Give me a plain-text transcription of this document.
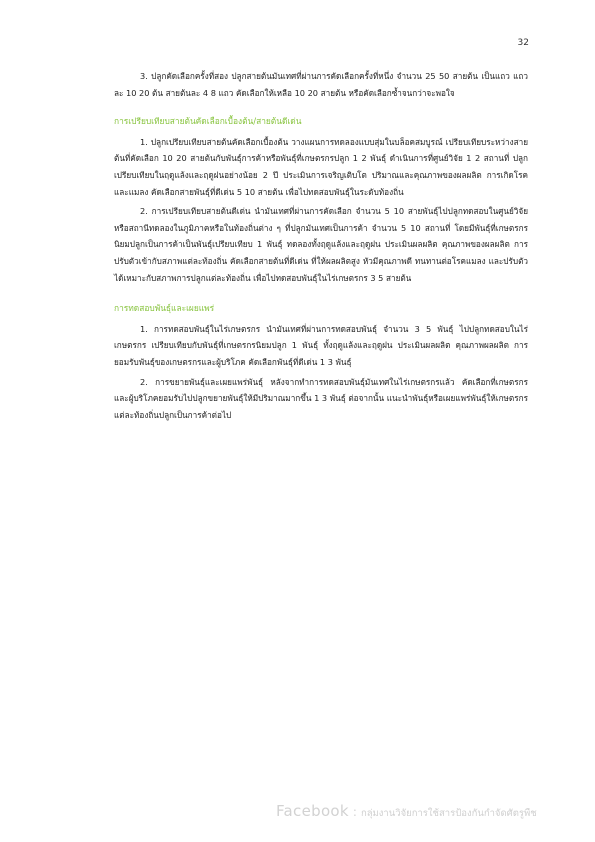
32

3. ปลูกคัดเลือกครั้งที่สอง ปลูกสายต้นมันเทศที่ผ่านการคัดเลือกครั้งที่หนึ่ง จำนวน 25 50 สายต้น เป็นแถว แถวละ 10 20 ต้น สายต้นละ 4 8 แถว คัดเลือกให้เหลือ 10 20 สายต้น หรือคัดเลือกซ้ำจนกว่าจะพอใจ

การเปรียบเทียบสายต้นคัดเลือกเบื้องต้น/สายต้นดีเด่น

1. ปลูกเปรียบเทียบสายต้นคัดเลือกเบื้องต้น วางแผนการทดลองแบบสุ่มในบล็อคสมบูรณ์ เปรียบเทียบระหว่างสายต้นที่คัดเลือก 10 20 สายต้นกับพันธุ์การค้าหรือพันธุ์ที่เกษตรกรปลูก 1 2 พันธุ์ ดำเนินการที่ศูนย์วิจัย 1 2 สถานที่ ปลูกเปรียบเทียบในฤดูแล้งและฤดูฝนอย่างน้อย 2 ปี ประเมินการเจริญเติบโต ปริมาณและคุณภาพของผลผลิต การเกิดโรคและแมลง คัดเลือกสายพันธุ์ที่ดีเด่น 5 10 สายต้น เพื่อไปทดสอบพันธุ์ในระดับท้องถิ่น

2. การเปรียบเทียบสายต้นดีเด่น นำมันเทศที่ผ่านการคัดเลือก จำนวน 5 10 สายพันธุ์ไปปลูกทดสอบในศูนย์วิจัยหรือสถานีทดลองในภูมิภาคหรือในท้องถิ่นต่าง ๆ ที่ปลูกมันเทศเป็นการค้า จำนวน 5 10 สถานที่ โดยมีพันธุ์ที่เกษตรกรนิยมปลูกเป็นการค้าเป็นพันธุ์เปรียบเทียบ 1 พันธุ์ ทดลองทั้งฤดูแล้งและฤดูฝน ประเมินผลผลิต คุณภาพของผลผลิต การปรับตัวเข้ากับสภาพแต่ละท้องถิ่น คัดเลือกสายต้นที่ดีเด่น ที่ให้ผลผลิตสูง หัวมีคุณภาพดี ทนทานต่อโรคแมลง และปรับตัวได้เหมาะกับสภาพการปลูกแต่ละท้องถิ่น เพื่อไปทดสอบพันธุ์ในไร่เกษตรกร 3 5 สายต้น

การทดสอบพันธุ์และเผยแพร่

1. การทดสอบพันธุ์ในไร่เกษตรกร นำมันเทศที่ผ่านการทดสอบพันธุ์ จำนวน 3 5 พันธุ์ ไปปลูกทดสอบในไร่เกษตรกร เปรียบเทียบกับพันธุ์ที่เกษตรกรนิยมปลูก 1 พันธุ์ ทั้งฤดูแล้งและฤดูฝน ประเมินผลผลิต คุณภาพผลผลิต การยอมรับพันธุ์ของเกษตรกรและผู้บริโภค คัดเลือกพันธุ์ที่ดีเด่น 1 3 พันธุ์

2. การขยายพันธุ์และเผยแพร่พันธุ์ หลังจากทำการทดสอบพันธุ์มันเทศในไร่เกษตรกรแล้ว คัดเลือกที่เกษตรกรและผู้บริโภคยอมรับไปปลูกขยายพันธุ์ให้มีปริมาณมากขึ้น 1 3 พันธุ์ ต่อจากนั้น แนะนำพันธุ์หรือเผยแพร่พันธุ์ให้เกษตรกรแต่ละท้องถิ่นปลูกเป็นการค้าต่อไป

Facebook : กลุ่มงานวิจัยการใช้สารป้องกันกำจัดศัตรูพืช
